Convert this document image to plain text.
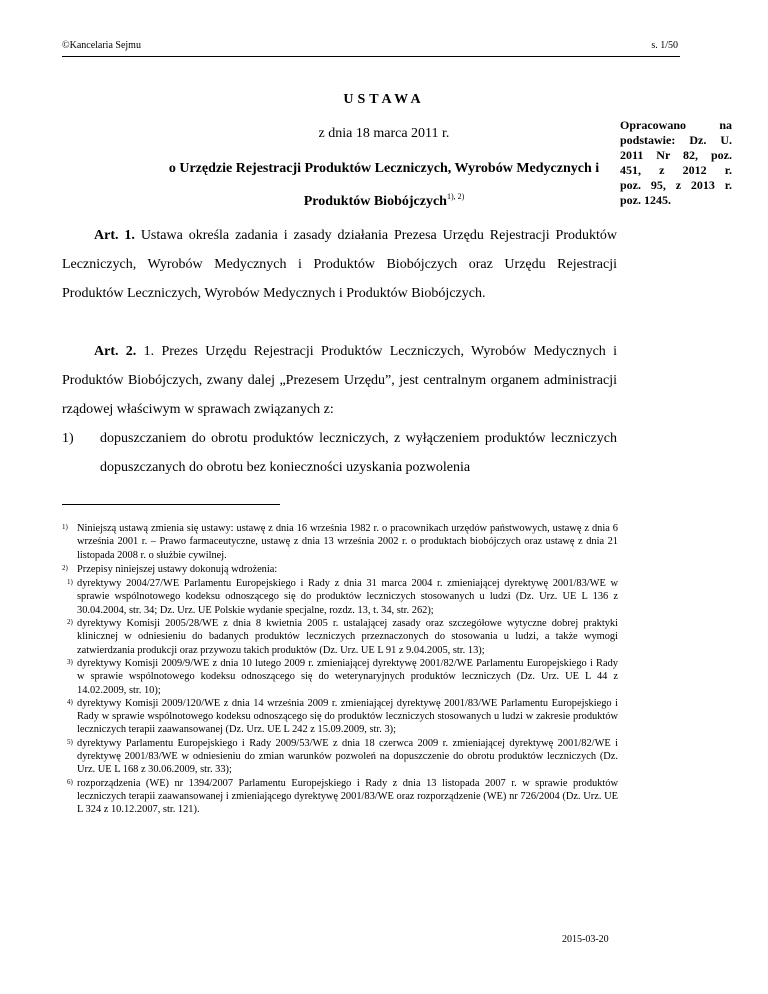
©Kancelaria Sejmu	s. 1/50
USTAWA
z dnia 18 marca 2011 r.
o Urzędzie Rejestracji Produktów Leczniczych, Wyrobów Medycznych i
Produktów Biobójczych$^{1), 2)}$
Opracowano na
podstawie: Dz. U.
2011 Nr 82, poz.
451, z 2012 r.
poz. 95, z 2013 r.
poz. 1245.
Art. 1. Ustawa określa zadania i zasady działania Prezesa Urzędu Rejestracji Produktów Leczniczych, Wyrobów Medycznych i Produktów Biobójczych oraz Urzędu Rejestracji Produktów Leczniczych, Wyrobów Medycznych i Produktów Biobójczych.
Art. 2. 1. Prezes Urzędu Rejestracji Produktów Leczniczych, Wyrobów Medycznych i Produktów Biobójczych, zwany dalej „Prezesem Urzędu”, jest centralnym organem administracji rządowej właściwym w sprawach związanych z:
1)	dopuszczaniem do obrotu produktów leczniczych, z wyłączeniem produktów leczniczych dopuszczanych do obrotu bez konieczności uzyskania pozwolenia
1) Niniejszą ustawą zmienia się ustawy: ustawę z dnia 16 września 1982 r. o pracownikach urzędów państwowych, ustawę z dnia 6 września 2001 r. – Prawo farmaceutyczne, ustawę z dnia 13 września 2002 r. o produktach biobójczych oraz ustawę z dnia 21 listopada 2008 r. o służbie cywilnej.
2) Przepisy niniejszej ustawy dokonują wdrożenia:
1) dyrektywy 2004/27/WE Parlamentu Europejskiego i Rady z dnia 31 marca 2004 r. zmieniającej dyrektywę 2001/83/WE w sprawie wspólnotowego kodeksu odnoszącego się do produktów leczniczych stosowanych u ludzi (Dz. Urz. UE L 136 z 30.04.2004, str. 34; Dz. Urz. UE Polskie wydanie specjalne, rozdz. 13, t. 34, str. 262);
2) dyrektywy Komisji 2005/28/WE z dnia 8 kwietnia 2005 r. ustalającej zasady oraz szczegółowe wytyczne dobrej praktyki klinicznej w odniesieniu do badanych produktów leczniczych przeznaczonych do stosowania u ludzi, a także wymogi zatwierdzania produkcji oraz przywozu takich produktów (Dz. Urz. UE L 91 z 9.04.2005, str. 13);
3) dyrektywy Komisji 2009/9/WE z dnia 10 lutego 2009 r. zmieniającej dyrektywę 2001/82/WE Parlamentu Europejskiego i Rady w sprawie wspólnotowego kodeksu odnoszącego się do weterynaryjnych produktów leczniczych (Dz. Urz. UE L 44 z 14.02.2009, str. 10);
4) dyrektywy Komisji 2009/120/WE z dnia 14 września 2009 r. zmieniającej dyrektywę 2001/83/WE Parlamentu Europejskiego i Rady w sprawie wspólnotowego kodeksu odnoszącego się do produktów leczniczych stosowanych u ludzi w zakresie produktów leczniczych terapii zaawansowanej (Dz. Urz. UE L 242 z 15.09.2009, str. 3);
5) dyrektywy Parlamentu Europejskiego i Rady 2009/53/WE z dnia 18 czerwca 2009 r. zmieniającej dyrektywę 2001/82/WE i dyrektywę 2001/83/WE w odniesieniu do zmian warunków pozwoleń na dopuszczenie do obrotu produktów leczniczych (Dz. Urz. UE L 168 z 30.06.2009, str. 33);
6) rozporządzenia (WE) nr 1394/2007 Parlamentu Europejskiego i Rady z dnia 13 listopada 2007 r. w sprawie produktów leczniczych terapii zaawansowanej i zmieniającego dyrektywę 2001/83/WE oraz rozporządzenie (WE) nr 726/2004 (Dz. Urz. UE L 324 z 10.12.2007, str. 121).
2015-03-20
